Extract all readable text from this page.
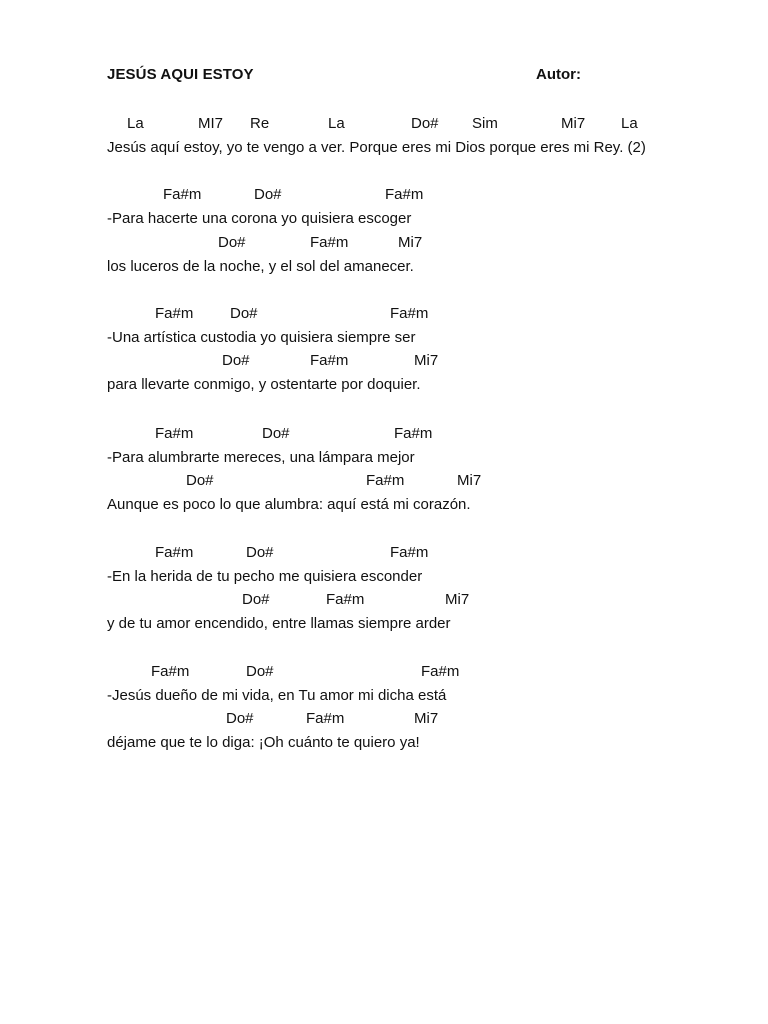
JESÚS AQUI ESTOY	Autor:
La	MI7 Re	La	Do# Sim	Mi7 La
Jesús aquí estoy, yo te vengo a ver. Porque eres mi Dios porque eres mi Rey. (2)
Fa#m	Do#	Fa#m
-Para hacerte una corona yo quisiera escoger
Do#	Fa#m	Mi7
los luceros de la noche, y el sol del amanecer.
Fa#m Do#	Fa#m
-Una artística custodia yo quisiera siempre ser
Do#	Fa#m	Mi7
para llevarte conmigo, y ostentarte por doquier.
Fa#m	Do#	Fa#m
-Para alumbrarte mereces, una lámpara mejor
Do#	Fa#m	Mi7
Aunque es poco lo que alumbra: aquí está mi corazón.
Fa#m	Do#	Fa#m
-En la herida de tu pecho me quisiera esconder
Do#	Fa#m	Mi7
y de tu amor encendido, entre llamas siempre arder
Fa#m	Do#	Fa#m
-Jesús dueño de mi vida, en Tu amor mi dicha está
Do#	Fa#m	Mi7
déjame que te lo diga: ¡Oh cuánto te quiero ya!
